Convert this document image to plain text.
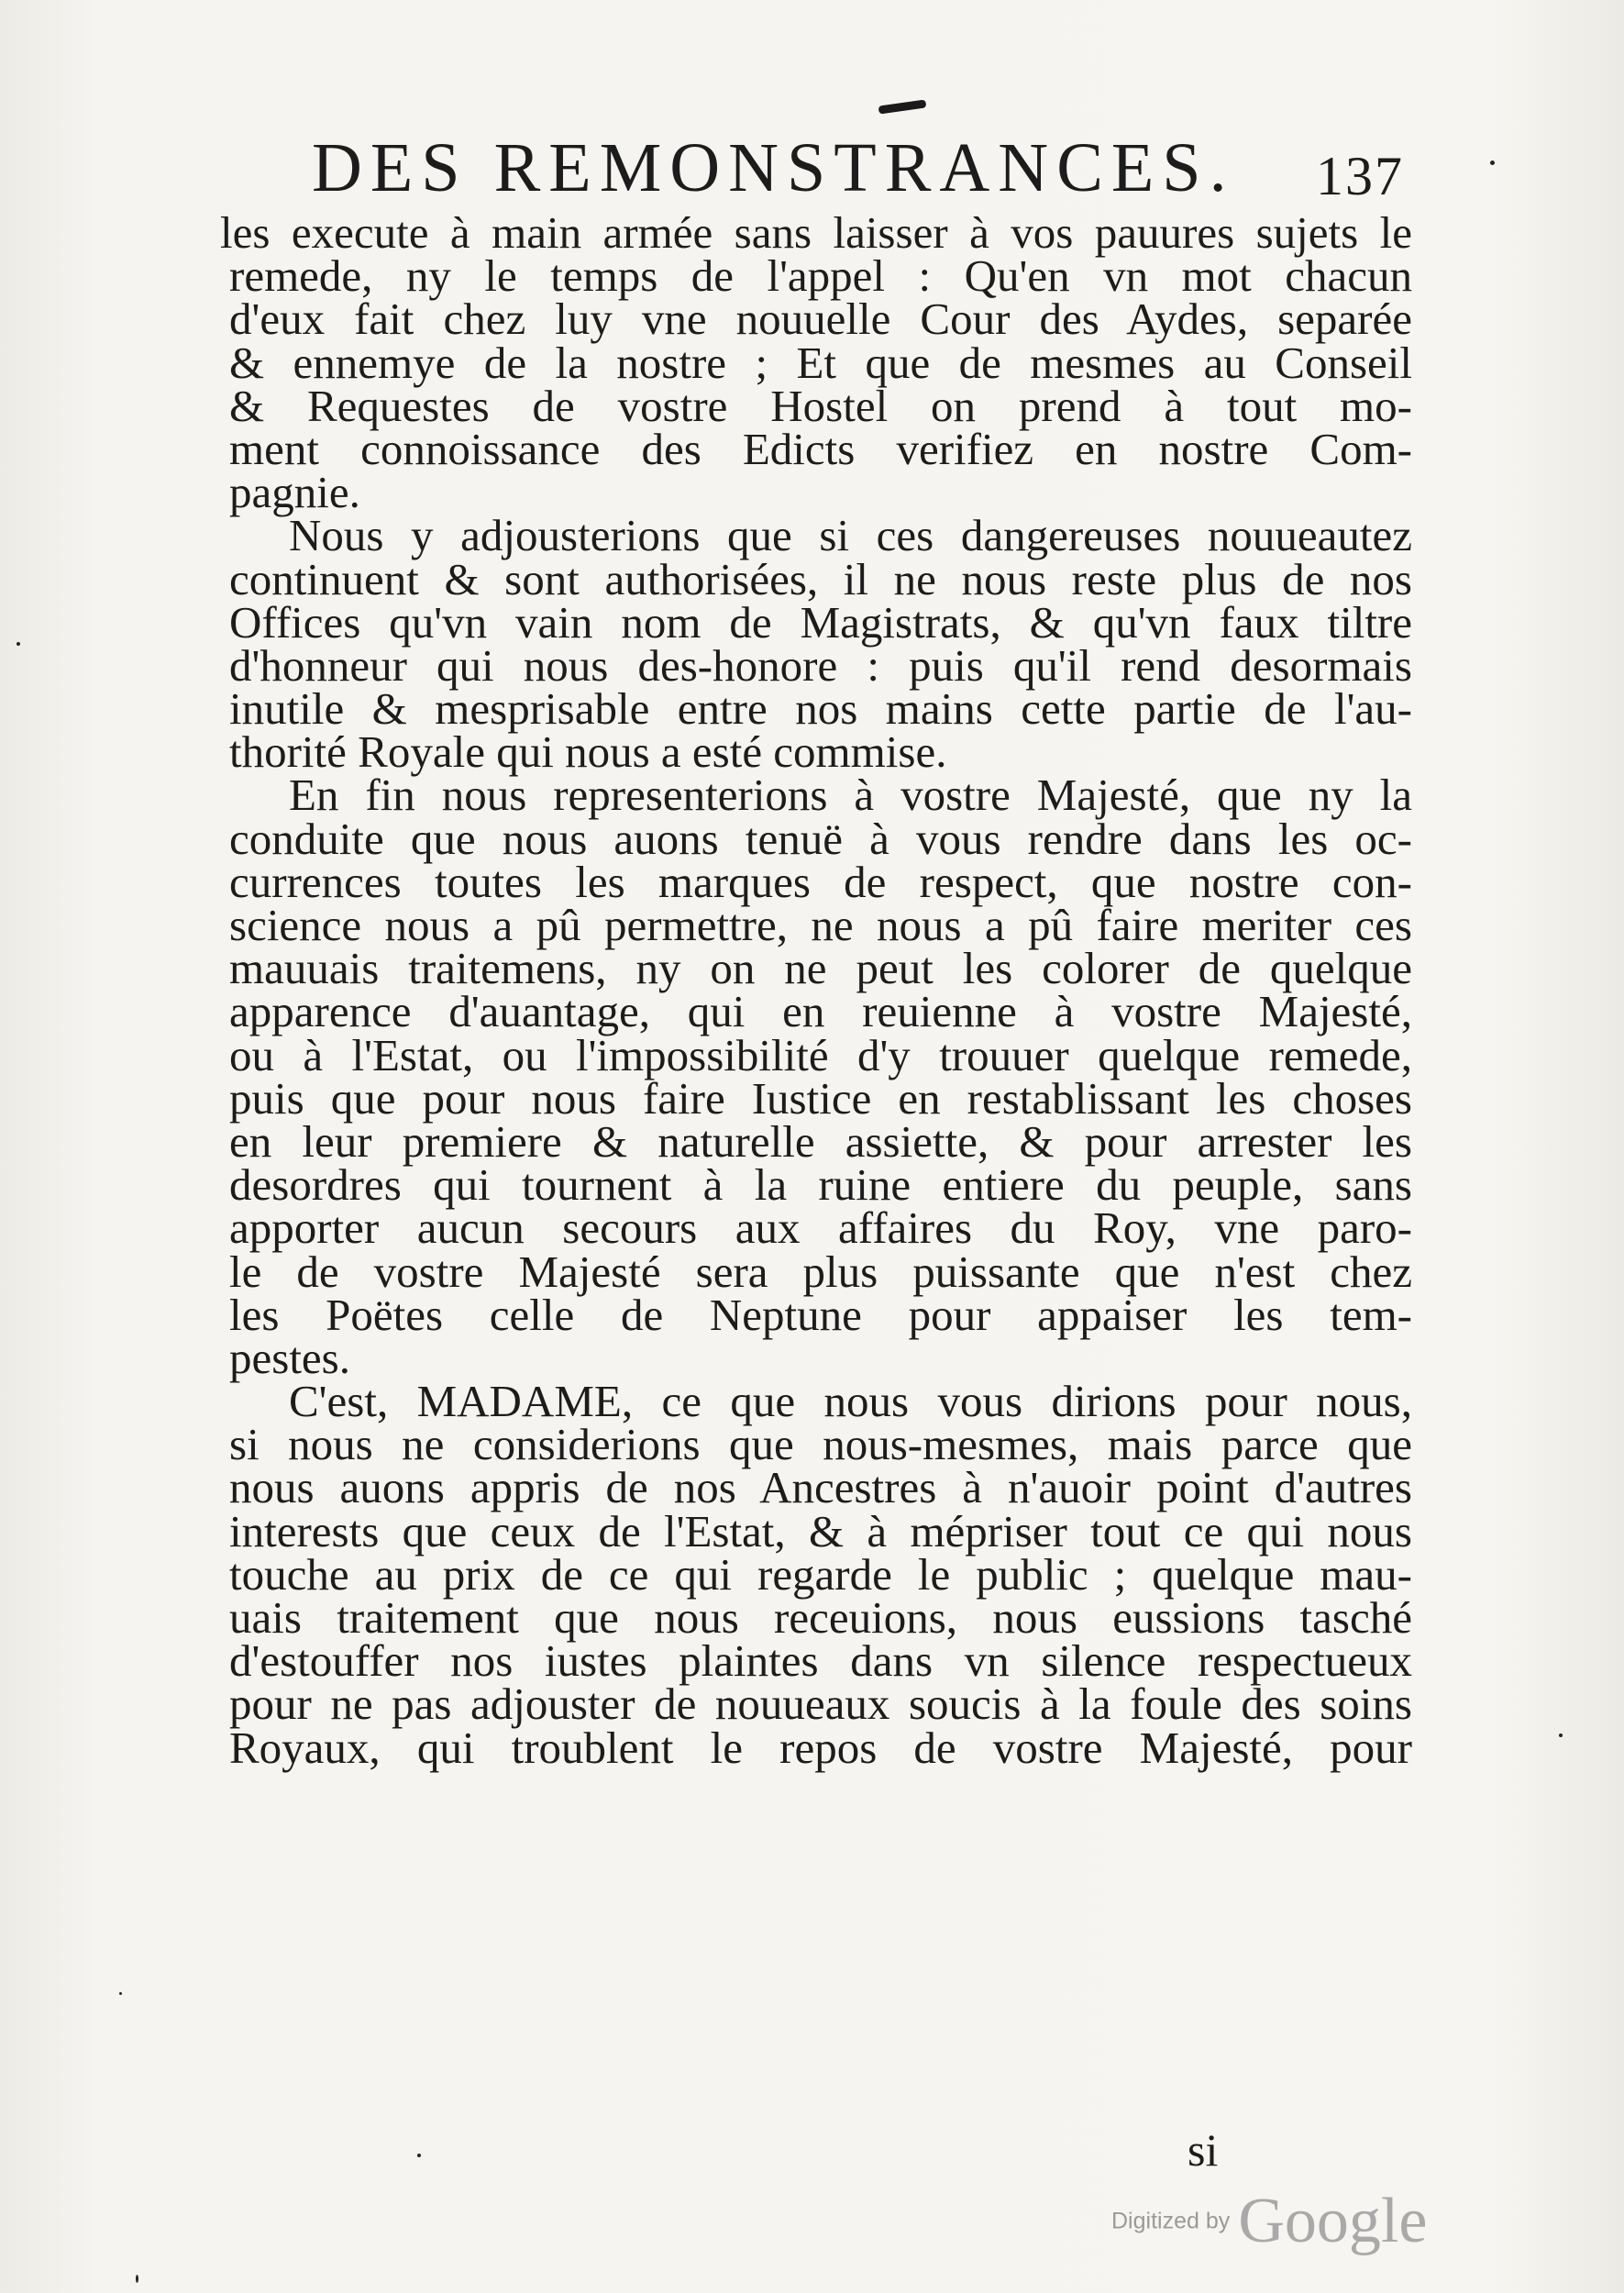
DES REMONSTRANCES. 137
les execute à main armée sans laisser à vos pauures sujets le
remede, ny le temps de l'appel : Qu'en vn mot chacun
d'eux fait chez luy vne nouuelle Cour des Aydes, separée
& ennemye de la nostre ; Et que de mesmes au Conseil
& Requestes de vostre Hostel on prend à tout mo-
ment connoissance des Edicts verifiez en nostre Com-
pagnie.
Nous y adjousterions que si ces dangereuses nouueautez
continuent & sont authorisées, il ne nous reste plus de nos
Offices qu'vn vain nom de Magistrats, & qu'vn faux tiltre
d'honneur qui nous des-honore : puis qu'il rend desormais
inutile & mesprisable entre nos mains cette partie de l'au-
thorité Royale qui nous a esté commise.
En fin nous representerions à vostre Majesté, que ny la
conduite que nous auons tenuë à vous rendre dans les oc-
currences toutes les marques de respect, que nostre con-
science nous a pû permettre, ne nous a pû faire meriter ces
mauuais traitemens, ny on ne peut les colorer de quelque
apparence d'auantage, qui en reuienne à vostre Majesté,
ou à l'Estat, ou l'impossibilité d'y trouuer quelque remede,
puis que pour nous faire Iustice en restablissant les choses
en leur premiere & naturelle assiette, & pour arrester les
desordres qui tournent à la ruine entiere du peuple, sans
apporter aucun secours aux affaires du Roy, vne paro-
le de vostre Majesté sera plus puissante que n'est chez
les Poëtes celle de Neptune pour appaiser les tem-
pestes.
C'est, MADAME, ce que nous vous dirions pour nous,
si nous ne considerions que nous-mesmes, mais parce que
nous auons appris de nos Ancestres à n'auoir point d'autres
interests que ceux de l'Estat, & à mépriser tout ce qui nous
touche au prix de ce qui regarde le public ; quelque mau-
uais traitement que nous receuions, nous eussions tasché
d'estouffer nos iustes plaintes dans vn silence respectueux
pour ne pas adjouster de nouueaux soucis à la foule des soins
Royaux, qui troublent le repos de vostre Majesté, pour
si
Digitized by Google
